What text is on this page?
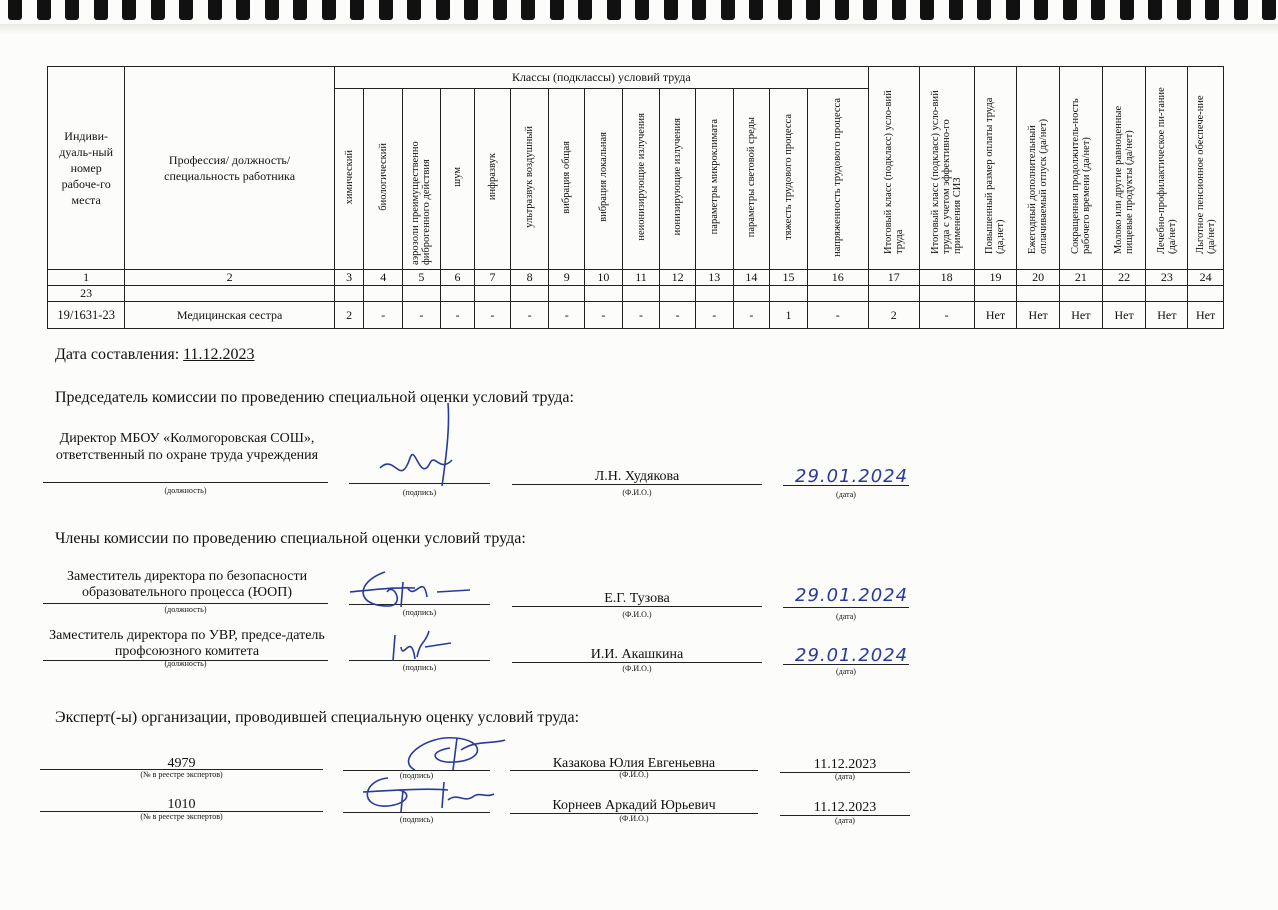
Индиви-дуаль-ный номер рабоче-го места	Профессия/ должность/ специальность работника	Классы (подклассы) условий труда														Итоговый класс (подкласс) усло-вий труда	Итоговый класс (подкласс) усло-вий труда с учетом эффективно-го применения СИЗ	Повышенный размер оплаты труда (да,нет)	Ежегодный дополнительный оплачиваемый отпуск (да/нет)	Сокращенная продолжитель-ность рабочего времени (да/нет)	Молоко или другие равноценные пищевые продукты (да/нет)	Лечебно-профилактическое пи-тание (да/нет)	Льготное пенсионное обеспече-ние (да/нет)
		химический	биологический	аэрозоли преимущественно фиброгенного действия	шум	инфразвук	ультразвук воздушный	вибрация общая	вибрация локальная	неионизирующие излучения	ионизирующие излучения	параметры микроклимата	параметры световой среды	тяжесть трудового процесса	напряженность трудового процесса								
1	2	3	4	5	6	7	8	9	10	11	12	13	14	15	16	17	18	19	20	21	22	23	24
23																							
19/1631-23	Медицинская сестра	2	-	-	-	-	-	-	-	-	-	-	-	1	-	2	-	Нет	Нет	Нет	Нет	Нет	Нет
Дата составления: 11.12.2023
Председатель комиссии по проведению специальной оценки условий труда:
Директор МБОУ «Колмогоровская СОШ», ответственный по охране труда учреждения
(должность)	(подпись)
Л.Н. Худякова
(Ф.И.О.)
29.01.2024
(дата)
Члены комиссии по проведению специальной оценки условий труда:
Заместитель директора по безопасности образовательного процесса (ЮОП)
(должность)	(подпись)
Е.Г. Тузова
(Ф.И.О.)
29.01.2024
(дата)
Заместитель директора по УВР, предсе-датель профсоюзного комитета
(должность)	(подпись)
И.И. Акашкина
(Ф.И.О.)
29.01.2024
(дата)
Эксперт(-ы) организации, проводившей специальную оценку условий труда:
4979
(№ в реестре экспертов)	(подпись)
Казакова Юлия Евгеньевна
(Ф.И.О.)
11.12.2023
(дата)
1010
(№ в реестре экспертов)	(подпись)
Корнеев Аркадий Юрьевич
(Ф.И.О.)
11.12.2023
(дата)
